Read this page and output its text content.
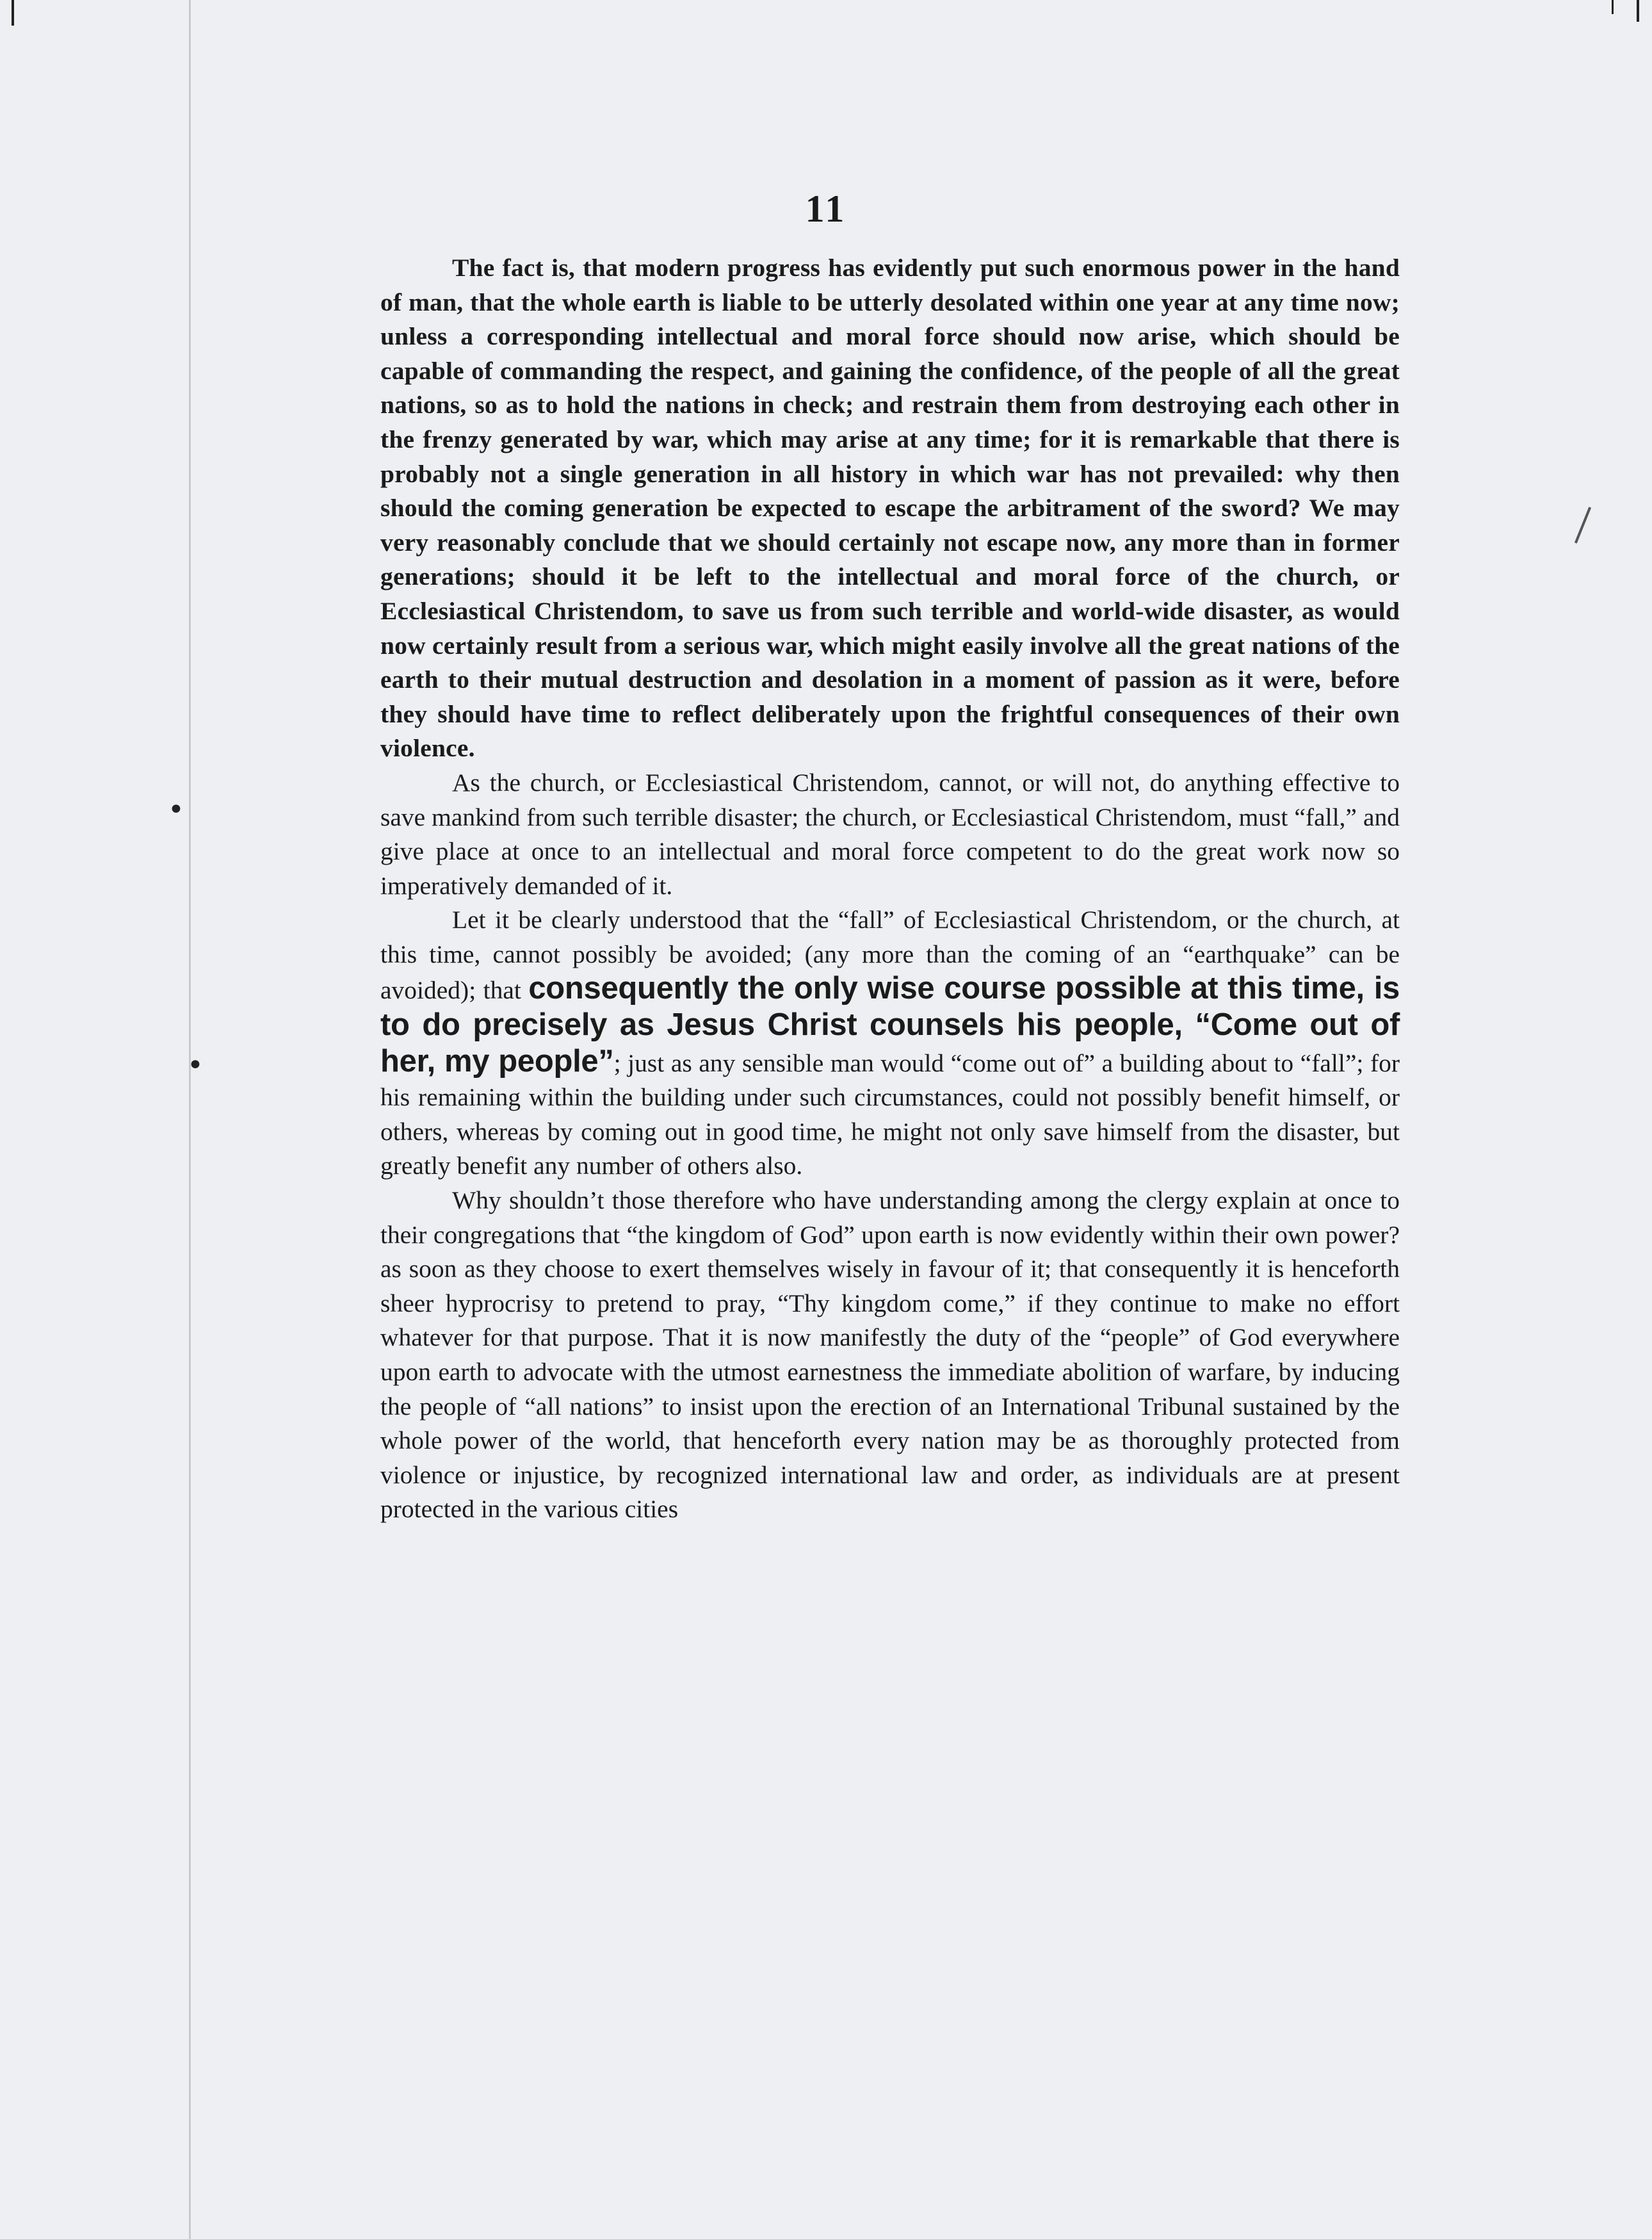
•
•
11

The fact is, that modern progress has evidently put such enormous power in the hand of man, that the whole earth is liable to be utterly desolated within one year at any time now; unless a corresponding intellectual and moral force should now arise, which should be capable of commanding the respect, and gaining the confidence, of the people of all the great nations, so as to hold the nations in check; and restrain them from destroying each other in the frenzy generated by war, which may arise at any time; for it is remarkable that there is probably not a single generation in all history in which war has not prevailed: why then should the coming generation be expected to escape the arbitrament of the sword? We may very reasonably conclude that we should certainly not escape now, any more than in former generations; should it be left to the intellectual and moral force of the church, or Ecclesiastical Christendom, to save us from such terrible and world-wide disaster, as would now certainly result from a serious war, which might easily involve all the great nations of the earth to their mutual destruction and desolation in a moment of passion as it were, before they should have time to reflect deliberately upon the frightful consequences of their own violence.

As the church, or Ecclesiastical Christendom, cannot, or will not, do anything effective to save mankind from such terrible disaster; the church, or Ecclesiastical Christendom, must “fall,” and give place at once to an intellectual and moral force competent to do the great work now so imperatively demanded of it.

Let it be clearly understood that the “fall” of Ecclesiastical Christendom, or the church, at this time, cannot possibly be avoided; (any more than the coming of an “earthquake” can be avoided); that consequently the only wise course possible at this time, is to do precisely as Jesus Christ counsels his people, “Come out of her, my people”; just as any sensible man would “come out of” a building about to “fall”; for his remaining within the building under such circumstances, could not possibly benefit himself, or others, whereas by coming out in good time, he might not only save himself from the disaster, but greatly benefit any number of others also.

Why shouldn’t those therefore who have understanding among the clergy explain at once to their congregations that “the kingdom of God” upon earth is now evidently within their own power? as soon as they choose to exert themselves wisely in favour of it; that consequently it is henceforth sheer hyprocrisy to pretend to pray, “Thy kingdom come,” if they continue to make no effort whatever for that purpose. That it is now manifestly the duty of the “people” of God everywhere upon earth to advocate with the utmost earnestness the immediate abolition of warfare, by inducing the people of “all nations” to insist upon the erection of an International Tribunal sustained by the whole power of the world, that henceforth every nation may be as thoroughly protected from violence or injustice, by recognized international law and order, as individuals are at present protected in the various cities
